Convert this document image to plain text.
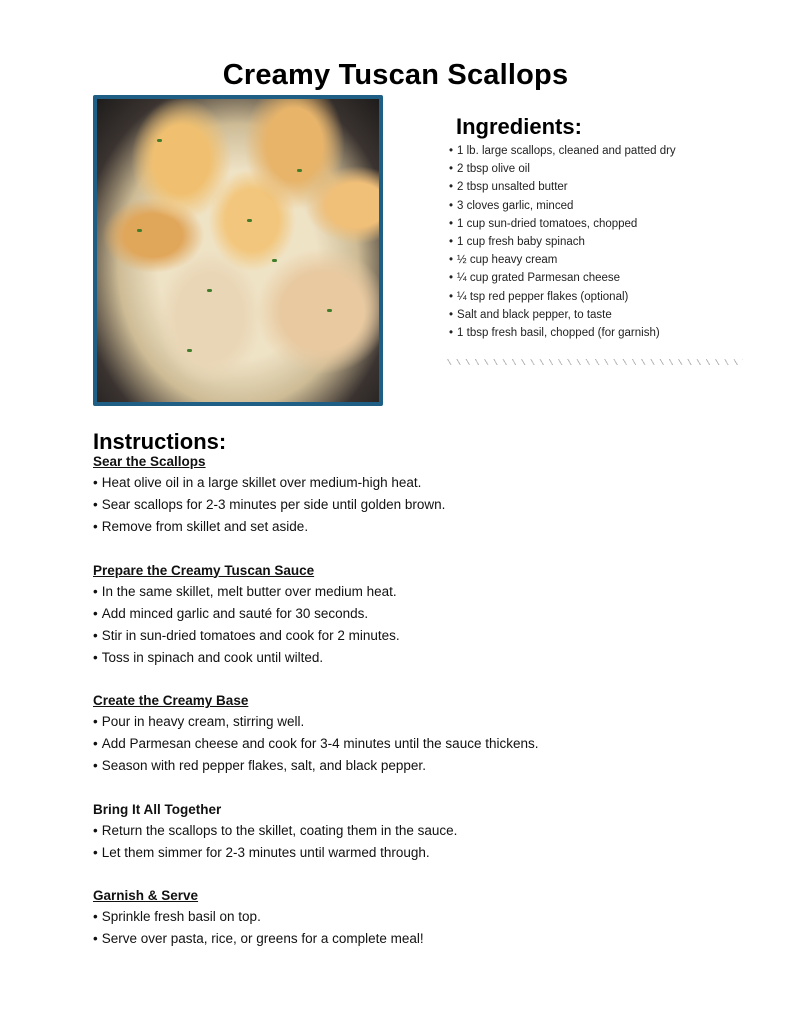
Creamy Tuscan Scallops
Ingredients:
• 1 lb. large scallops, cleaned and patted dry
• 2 tbsp olive oil
• 2 tbsp unsalted butter
• 3 cloves garlic, minced
• 1 cup sun-dried tomatoes, chopped
• 1 cup fresh baby spinach
• ½ cup heavy cream
• ¼ cup grated Parmesan cheese
• ¼ tsp red pepper flakes (optional)
• Salt and black pepper, to taste
• 1 tbsp fresh basil, chopped (for garnish)
Instructions:
Sear the Scallops
• Heat olive oil in a large skillet over medium-high heat.
• Sear scallops for 2-3 minutes per side until golden brown.
• Remove from skillet and set aside.
Prepare the Creamy Tuscan Sauce
• In the same skillet, melt butter over medium heat.
• Add minced garlic and sauté for 30 seconds.
• Stir in sun-dried tomatoes and cook for 2 minutes.
• Toss in spinach and cook until wilted.
Create the Creamy Base
• Pour in heavy cream, stirring well.
• Add Parmesan cheese and cook for 3-4 minutes until the sauce thickens.
• Season with red pepper flakes, salt, and black pepper.
Bring It All Together
• Return the scallops to the skillet, coating them in the sauce.
• Let them simmer for 2-3 minutes until warmed through.
Garnish & Serve
• Sprinkle fresh basil on top.
• Serve over pasta, rice, or greens for a complete meal!
